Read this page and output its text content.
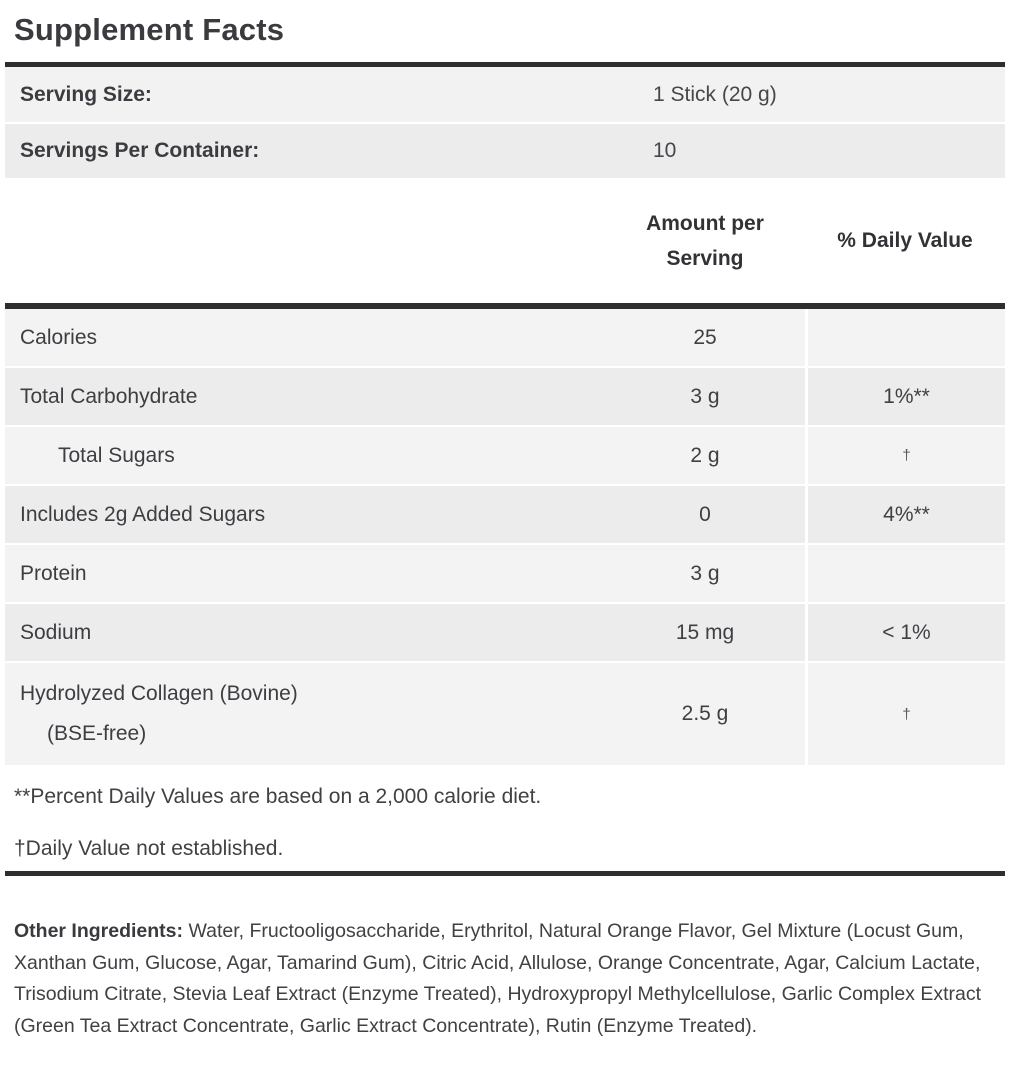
Supplement Facts
Serving Size:	1 Stick (20 g)
Servings Per Container:	10
Amount per Serving
% Daily Value
Calories	25
Total Carbohydrate	3 g	1%**
Total Sugars	2 g	†
Includes 2g Added Sugars	0	4%**
Protein	3 g
Sodium	15 mg	< 1%
Hydrolyzed Collagen (Bovine)
(BSE-free)
2.5 g	†

**Percent Daily Values are based on a 2,000 calorie diet.

†Daily Value not established.

Other Ingredients: Water, Fructooligosaccharide, Erythritol, Natural Orange Flavor, Gel Mixture (Locust Gum, Xanthan Gum, Glucose, Agar, Tamarind Gum), Citric Acid, Allulose, Orange Concentrate, Agar, Calcium Lactate, Trisodium Citrate, Stevia Leaf Extract (Enzyme Treated), Hydroxypropyl Methylcellulose, Garlic Complex Extract (Green Tea Extract Concentrate, Garlic Extract Concentrate), Rutin (Enzyme Treated).
